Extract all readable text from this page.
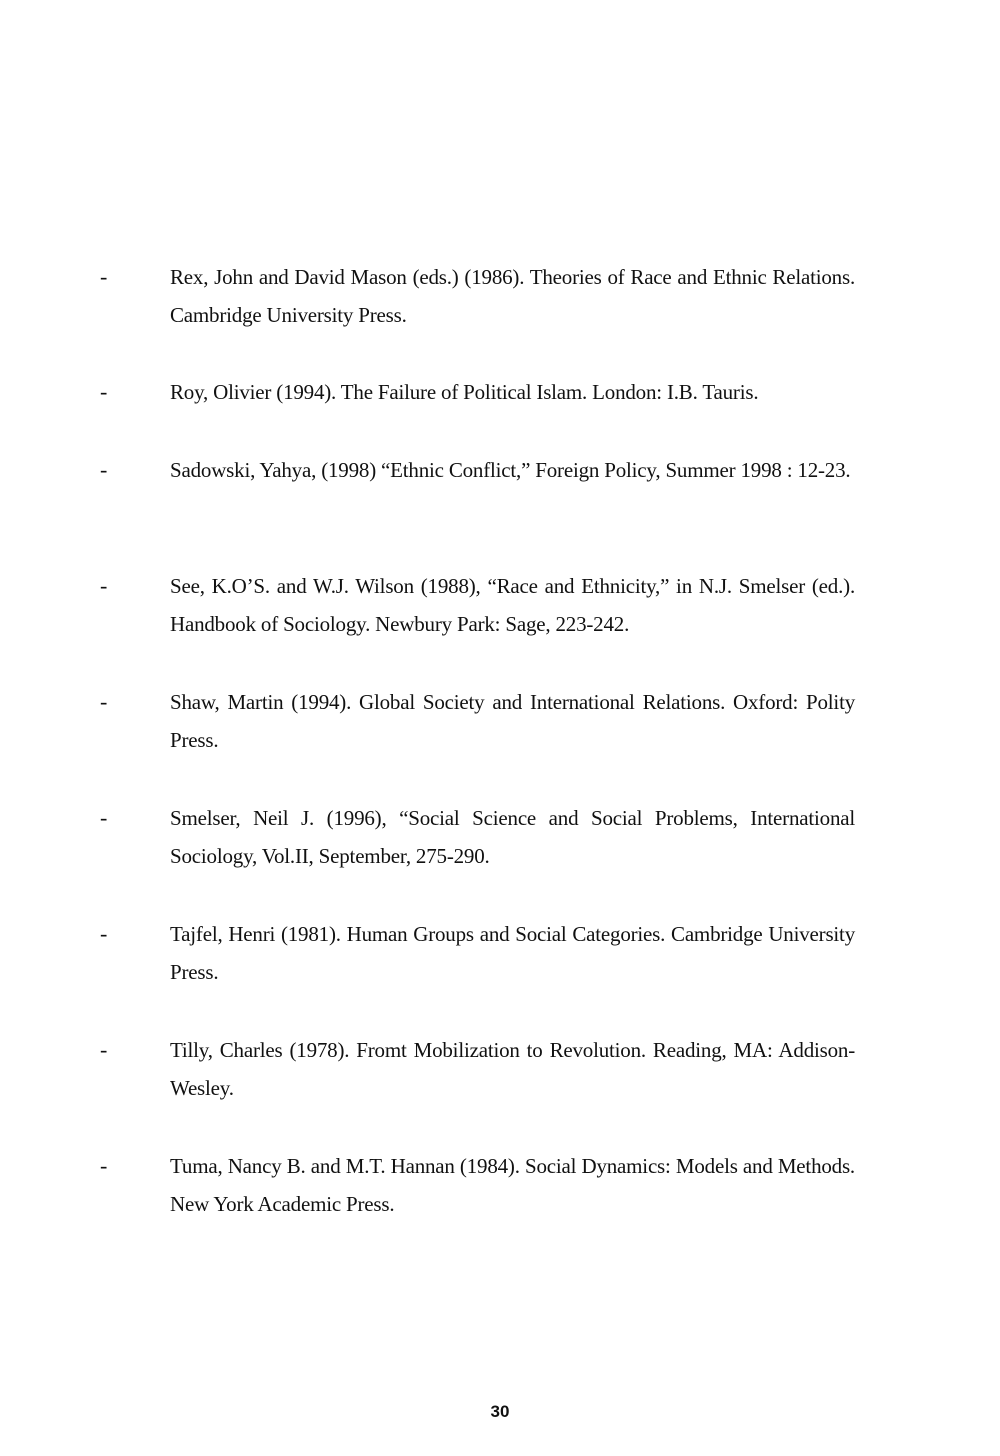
-	Rex, John and David Mason (eds.) (1986). Theories of Race and Ethnic Relations. Cambridge University Press.
-	Roy, Olivier (1994). The Failure of Political Islam. London: I.B. Tauris.
-	Sadowski, Yahya, (1998) “Ethnic Conflict,” Foreign Policy, Summer 1998 : 12-23.
-	See, K.O’S. and W.J. Wilson (1988), “Race and Ethnicity,” in N.J. Smelser (ed.). Handbook of Sociology. Newbury Park: Sage, 223-242.
-	Shaw, Martin (1994). Global Society and International Relations. Oxford: Polity Press.
-	Smelser, Neil J. (1996), “Social Science and Social Problems, International Sociology, Vol.II, September, 275-290.
-	Tajfel, Henri (1981). Human Groups and Social Categories. Cambridge University Press.
-	Tilly, Charles (1978). Fromt Mobilization to Revolution. Reading, MA: Addison-Wesley.
-	Tuma, Nancy B. and M.T. Hannan (1984). Social Dynamics: Models and Methods. New York Academic Press.
30
